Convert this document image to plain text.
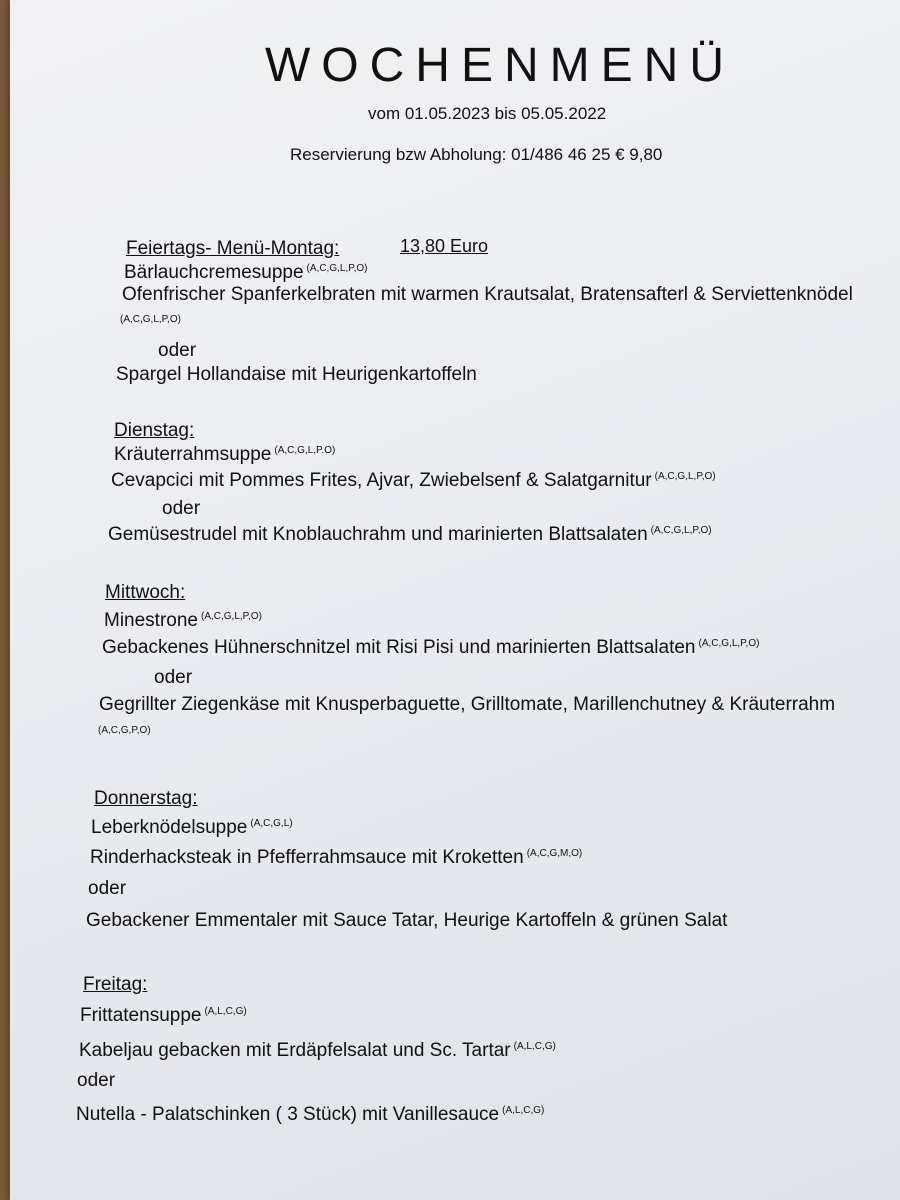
WOCHENMENÜ
vom 01.05.2023 bis 05.05.2022
Reservierung bzw Abholung: 01/486 46 25 € 9,80
Feiertags- Menü-Montag:	13,80 Euro
Bärlauchcremesuppe $^{(A,C,G,L,P,O)}$
Ofenfrischer Spanferkelbraten mit warmen Krautsalat, Bratensafterl & Serviettenknödel
(A,C,G,L,P,O)
oder
Spargel Hollandaise mit Heurigenkartoffeln
Dienstag:
Kräuterrahmsuppe $^{(A,C,G,L,P.O)}$
Cevapcici mit Pommes Frites, Ajvar, Zwiebelsenf & Salatgarnitur $^{(A,C,G,L,P,O)}$
oder
Gemüsestrudel mit Knoblauchrahm und marinierten Blattsalaten $^{(A,C,G,L,P,O)}$
Mittwoch:
Minestrone $^{(A,C,G,L,P,O)}$
Gebackenes Hühnerschnitzel mit Risi Pisi und marinierten Blattsalaten $^{(A,C,G,L,P,O)}$
oder
Gegrillter Ziegenkäse mit Knusperbaguette, Grilltomate, Marillenchutney & Kräuterrahm
(A,C,G,P,O)
Donnerstag:
Leberknödelsuppe $^{(A,C,G,L)}$
Rinderhacksteak in Pfefferrahmsauce mit Kroketten $^{(A,C,G,M,O)}$
oder
Gebackener Emmentaler mit Sauce Tatar, Heurige Kartoffeln & grünen Salat
Freitag:
Frittatensuppe $^{(A,L,C,G)}$
Kabeljau gebacken mit Erdäpfelsalat und Sc. Tartar $^{(A,L,C,G)}$
oder
Nutella - Palatschinken ( 3 Stück) mit Vanillesauce $^{(A,L,C,G)}$
